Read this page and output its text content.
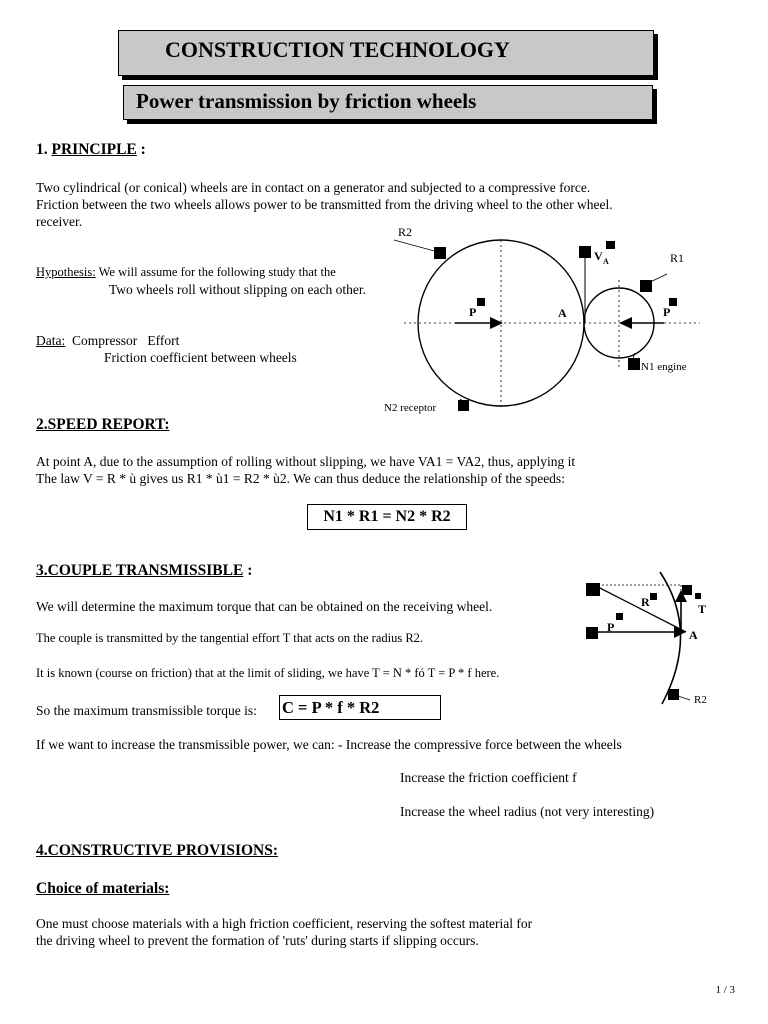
CONSTRUCTION TECHNOLOGY
Power transmission by friction wheels
1. PRINCIPLE :
Two cylindrical (or conical) wheels are in contact on a generator and subjected to a compressive force.
Friction between the two wheels allows power to be transmitted from the driving wheel to the other wheel.
receiver.
Hypothesis: We will assume for the following study that the
Two wheels roll without slipping on each other.
Data:  Compressor   Effort
Friction coefficient between wheels
R2
V A	R1
P	A	P
N1 engine
N2 receptor
2.SPEED REPORT:
At point A, due to the assumption of rolling without slipping, we have VA1 = VA2, thus, applying it
The law V = R * ù gives us R1 * ù1 = R2 * ù2. We can thus deduce the relationship of the speeds:
N1 * R1 = N2 * R2
3.COUPLE TRANSMISSIBLE :
We will determine the maximum torque that can be obtained on the receiving wheel.
The couple is transmitted by the tangential effort T that acts on the radius R2.
It is known (course on friction) that at the limit of sliding, we have T = N * fó T = P * f here.
So the maximum transmissible torque is: C = P * f * R2
If we want to increase the transmissible power, we can: - Increase the compressive force between the wheels
Increase the friction coefficient f
Increase the wheel radius (not very interesting)
R	T
P
A
R2
4.CONSTRUCTIVE PROVISIONS:
Choice of materials:
One must choose materials with a high friction coefficient, reserving the softest material for
the driving wheel to prevent the formation of 'ruts' during starts if slipping occurs.
1 / 3
